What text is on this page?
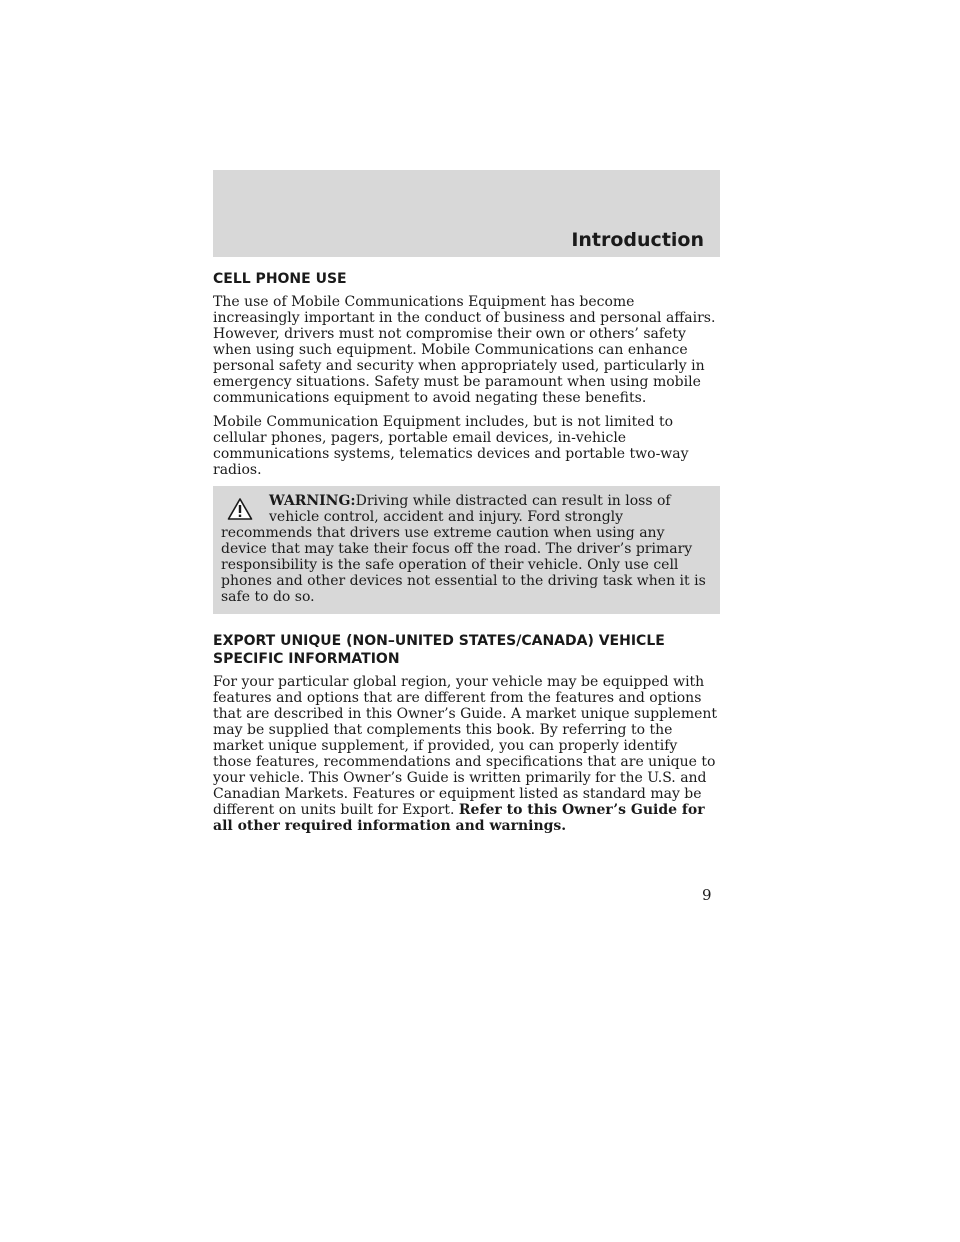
Introduction
CELL PHONE USE

The use of Mobile Communications Equipment has become increasingly important in the conduct of business and personal affairs. However, drivers must not compromise their own or others’ safety when using such equipment. Mobile Communications can enhance personal safety and security when appropriately used, particularly in emergency situations. Safety must be paramount when using mobile communications equipment to avoid negating these benefits.

Mobile Communication Equipment includes, but is not limited to cellular phones, pagers, portable email devices, in-vehicle communications systems, telematics devices and portable two-way radios.

WARNING:Driving while distracted can result in loss of vehicle control, accident and injury. Ford strongly recommends that drivers use extreme caution when using any device that may take their focus off the road. The driver’s primary responsibility is the safe operation of their vehicle. Only use cell phones and other devices not essential to the driving task when it is safe to do so.
EXPORT UNIQUE (NON–UNITED STATES/CANADA) VEHICLE
SPECIFIC INFORMATION

For your particular global region, your vehicle may be equipped with features and options that are different from the features and options that are described in this Owner’s Guide. A market unique supplement may be supplied that complements this book. By referring to the market unique supplement, if provided, you can properly identify those features, recommendations and specifications that are unique to your vehicle. This Owner’s Guide is written primarily for the U.S. and Canadian Markets. Features or equipment listed as standard may be different on units built for Export. Refer to this Owner’s Guide for all other required information and warnings.

9
